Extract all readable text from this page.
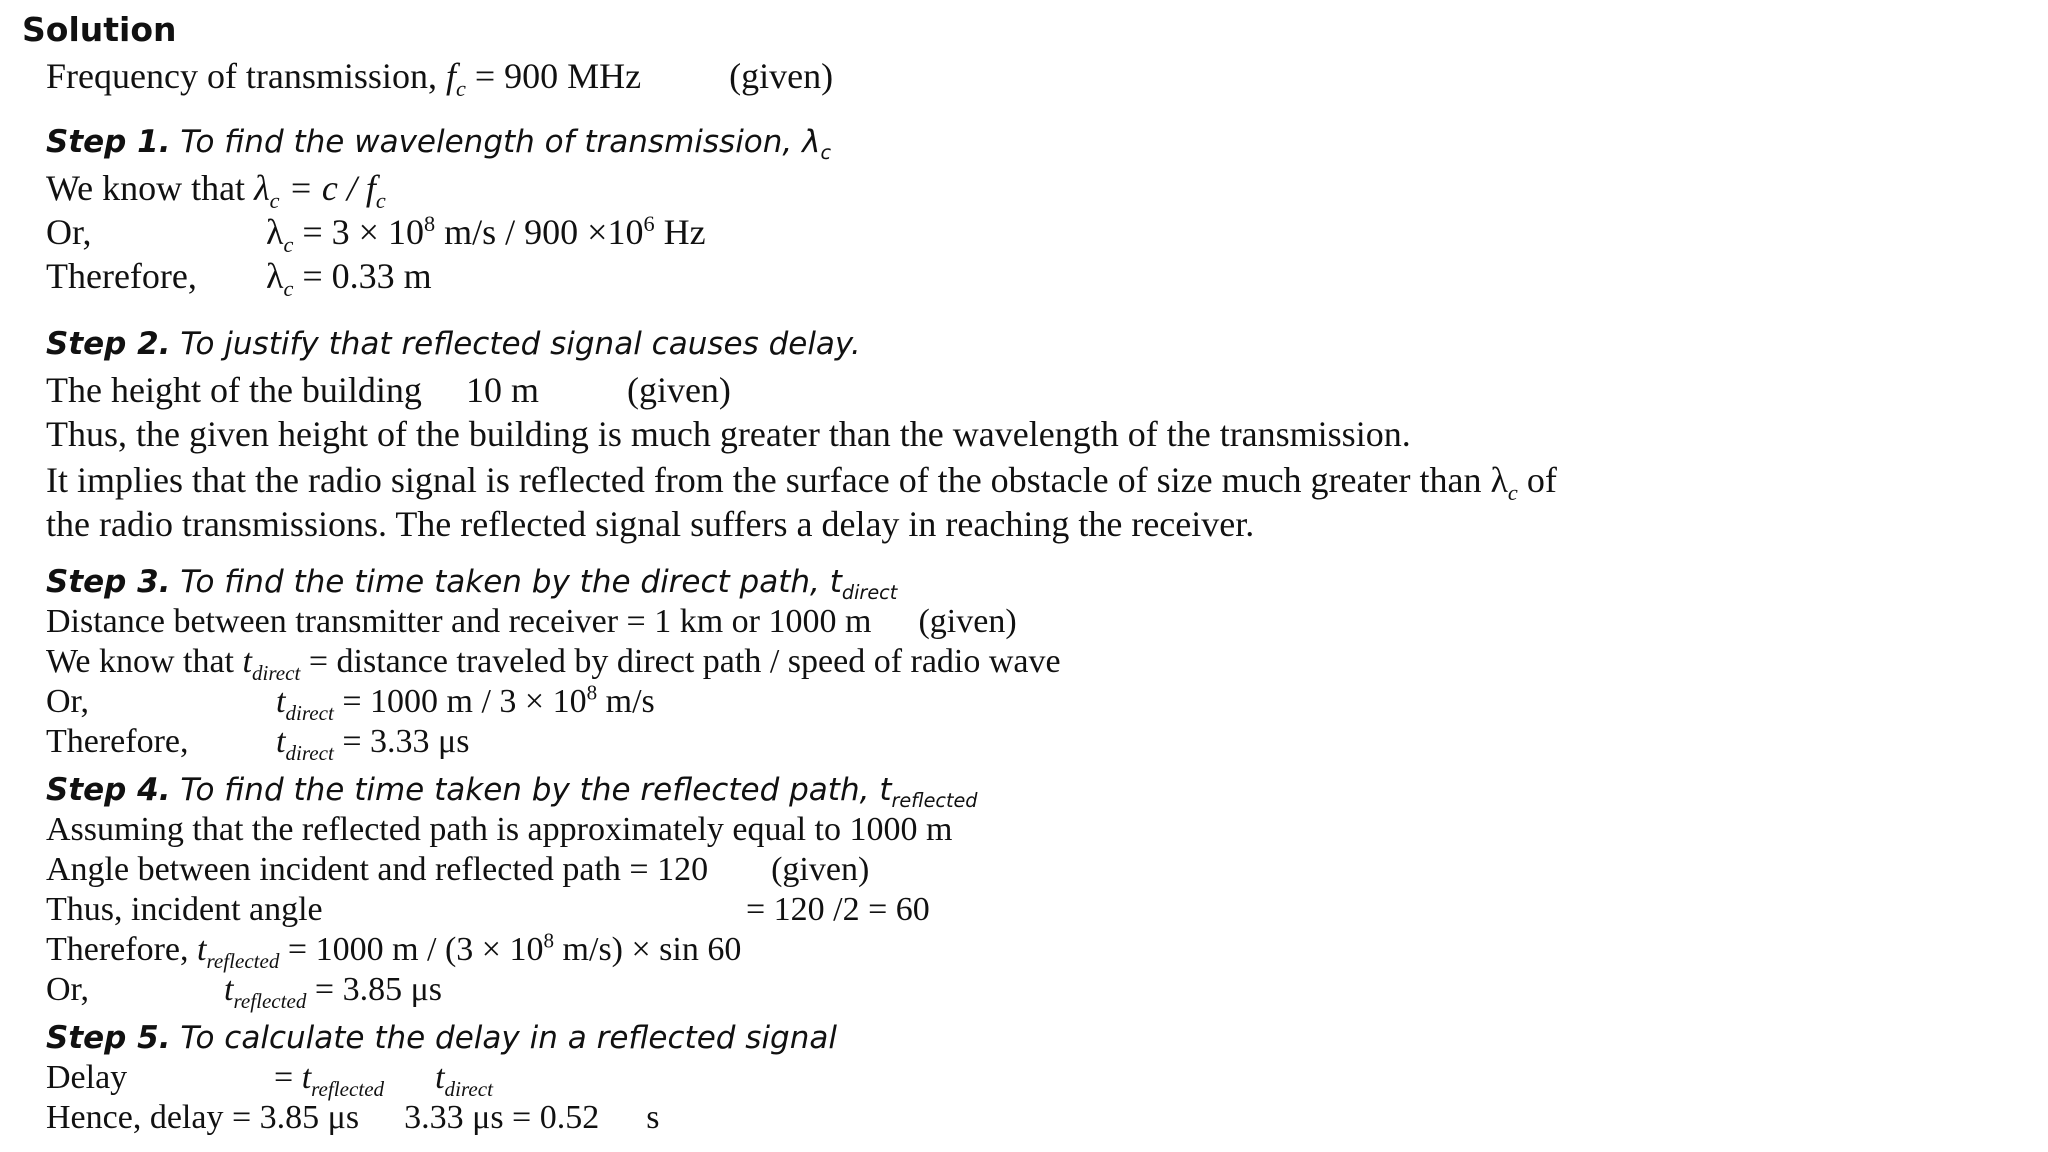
Solution
Frequency of transmission, $f_c = 900$ MHz (given)
Step 1. To find the wavelength of transmission, $\lambda_c$
We know that $\lambda_c = c / f_c$
Or,	$\lambda_c = 3 \times 10^8$ $m/s / 900 \times 10^6$ Hz
Therefore, $\lambda_c = 0.33$ m
Step 2. To justify that reflected signal causes delay.
The height of the building 10 m (given)
Thus, the given height of the building is much greater than the wavelength of the transmission.
It implies that the radio signal is reflected from the surface of the obstacle of size much greater than $\lambda_c$ of
the radio transmissions. The reflected signal suffers a delay in reaching the receiver.
Step 3. To find the time taken by the direct path, $t_{direct}$
Distance between transmitter and receiver = 1 km or 1000 m (given)
We know that $t_{direct}$ = distance traveled by direct path / speed of radio wave
Or,	$t_{direct} = 1000$ $m / 3 \times 10^8$ m/s
Therefore,	$t_{direct} = 3.33$ μs
Step 4. To find the time taken by the reflected path, $t_{reflected}$
Assuming that the reflected path is approximately equal to 1000 m
Angle between incident and reflected path = 120 (given)
Thus, incident angle	= 120 /2 = 60
Therefore, $t_{reflected} = 1000$ $m / (3 \times 10^8$ m/s) × sin 60
Or,	$t_{reflected} = 3.85$ μs
Step 5. To calculate the delay in a reflected signal
Delay	= $t_{reflected}$ $t_{direct}$
Hence, delay = 3.85 μs 3.33 μs = 0.52 s
